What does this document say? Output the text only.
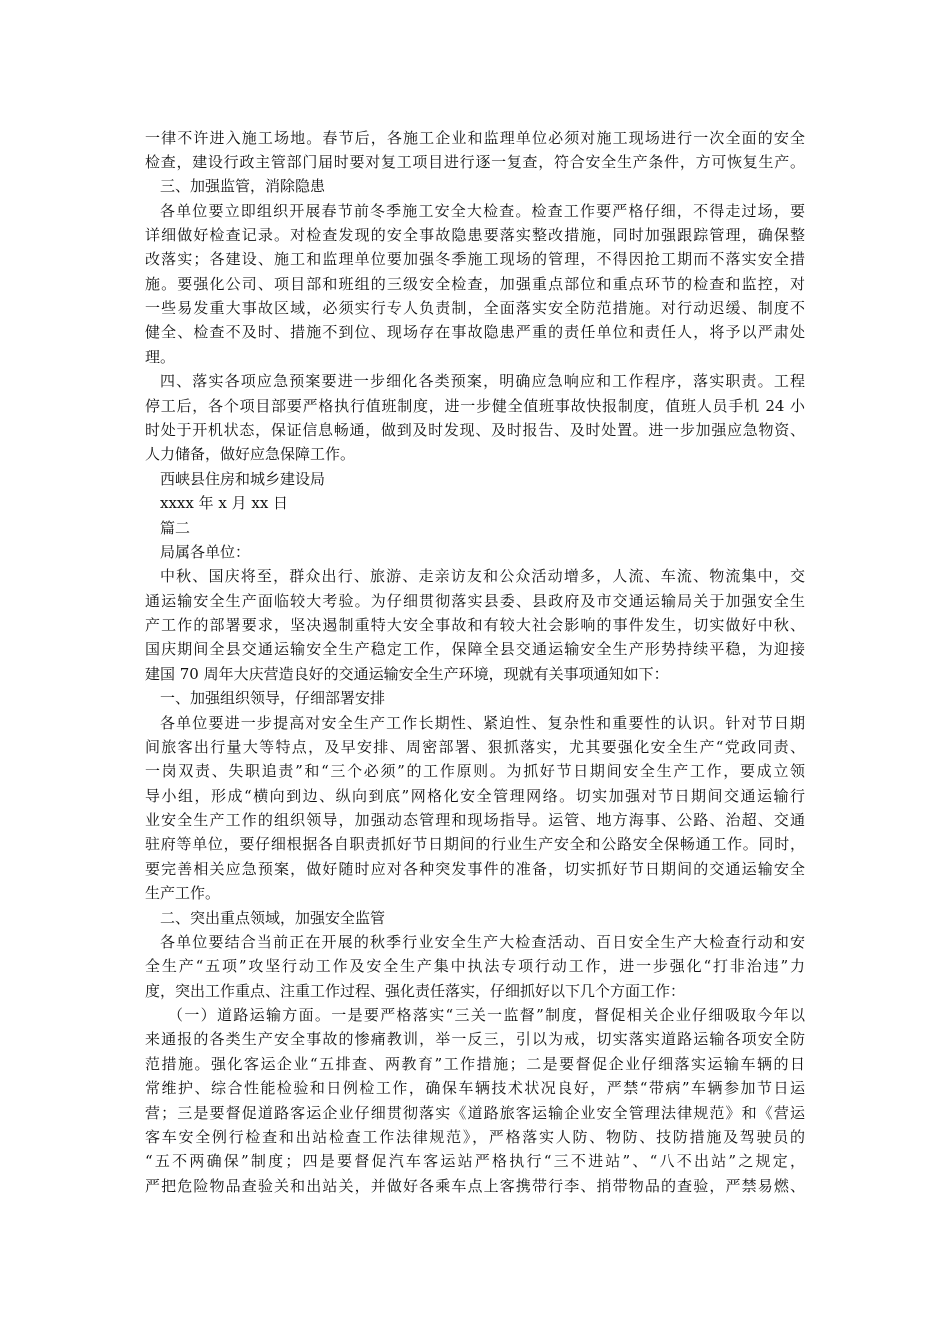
一律不许进入施工场地。春节后，各施工企业和监理单位必须对施工现场进行一次全面的安全
检查，建设行政主管部门届时要对复工项目进行逐一复查，符合安全生产条件，方可恢复生产。
三、加强监管，消除隐患
各单位要立即组织开展春节前冬季施工安全大检查。检查工作要严格仔细，不得走过场，要
详细做好检查记录。对检查发现的安全事故隐患要落实整改措施，同时加强跟踪管理，确保整
改落实；各建设、施工和监理单位要加强冬季施工现场的管理，不得因抢工期而不落实安全措
施。要强化公司、项目部和班组的三级安全检查，加强重点部位和重点环节的检查和监控，对
一些易发重大事故区域，必须实行专人负责制，全面落实安全防范措施。对行动迟缓、制度不
健全、检查不及时、措施不到位、现场存在事故隐患严重的责任单位和责任人，将予以严肃处
理。
四、落实各项应急预案要进一步细化各类预案，明确应急响应和工作程序，落实职责。工程
停工后，各个项目部要严格执行值班制度，进一步健全值班事故快报制度，值班人员手机 24 小
时处于开机状态，保证信息畅通，做到及时发现、及时报告、及时处置。进一步加强应急物资、
人力储备，做好应急保障工作。
西峡县住房和城乡建设局
xxxx 年 x 月 xx 日
篇二
局属各单位：
中秋、国庆将至，群众出行、旅游、走亲访友和公众活动增多，人流、车流、物流集中，交
通运输安全生产面临较大考验。为仔细贯彻落实县委、县政府及市交通运输局关于加强安全生
产工作的部署要求，坚决遏制重特大安全事故和有较大社会影响的事件发生，切实做好中秋、
国庆期间全县交通运输安全生产稳定工作，保障全县交通运输安全生产形势持续平稳，为迎接
建国 70 周年大庆营造良好的交通运输安全生产环境，现就有关事项通知如下：
一、加强组织领导，仔细部署安排
各单位要进一步提高对安全生产工作长期性、紧迫性、复杂性和重要性的认识。针对节日期
间旅客出行量大等特点，及早安排、周密部署、狠抓落实，尤其要强化安全生产“党政同责、
一岗双责、失职追责”和“三个必须”的工作原则。为抓好节日期间安全生产工作，要成立领
导小组，形成“横向到边、纵向到底”网格化安全管理网络。切实加强对节日期间交通运输行
业安全生产工作的组织领导，加强动态管理和现场指导。运管、地方海事、公路、治超、交通
驻府等单位，要仔细根据各自职责抓好节日期间的行业生产安全和公路安全保畅通工作。同时，
要完善相关应急预案，做好随时应对各种突发事件的准备，切实抓好节日期间的交通运输安全
生产工作。
二、突出重点领域，加强安全监管
各单位要结合当前正在开展的秋季行业安全生产大检查活动、百日安全生产大检查行动和安
全生产“五项”攻坚行动工作及安全生产集中执法专项行动工作，进一步强化“打非治违”力
度，突出工作重点、注重工作过程、强化责任落实，仔细抓好以下几个方面工作：
（一）道路运输方面。一是要严格落实“三关一监督”制度，督促相关企业仔细吸取今年以
来通报的各类生产安全事故的惨痛教训，举一反三，引以为戒，切实落实道路运输各项安全防
范措施。强化客运企业“五排查、两教育”工作措施；二是要督促企业仔细落实运输车辆的日
常维护、综合性能检验和日例检工作，确保车辆技术状况良好，严禁“带病”车辆参加节日运
营；三是要督促道路客运企业仔细贯彻落实《道路旅客运输企业安全管理法律规范》和《营运
客车安全例行检查和出站检查工作法律规范》，严格落实人防、物防、技防措施及驾驶员的
“五不两确保”制度；四是要督促汽车客运站严格执行“三不进站”、“八不出站”之规定，
严把危险物品查验关和出站关，并做好各乘车点上客携带行李、捎带物品的查验，严禁易燃、
